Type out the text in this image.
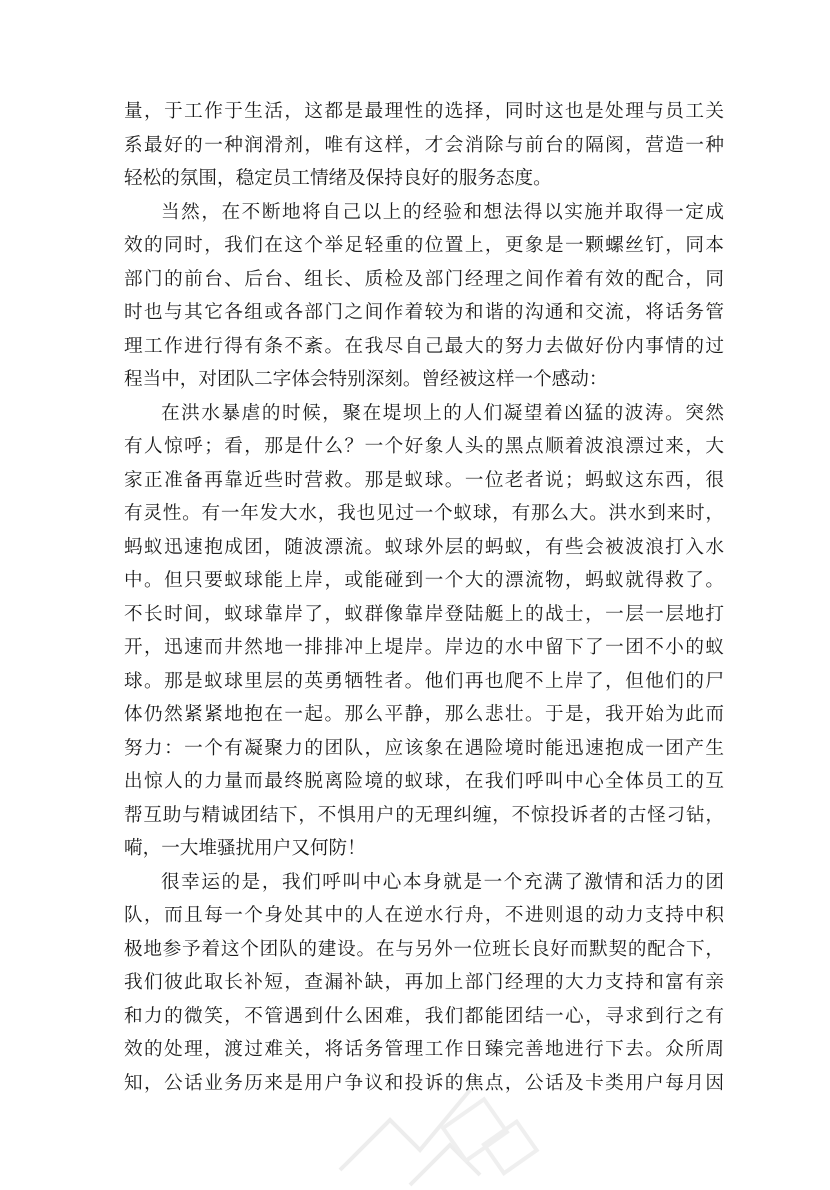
量，于工作于生活，这都是最理性的选择，同时这也是处理与员工关
系最好的一种润滑剂，唯有这样，才会消除与前台的隔阂，营造一种
轻松的氛围，稳定员工情绪及保持良好的服务态度。
当然，在不断地将自己以上的经验和想法得以实施并取得一定成
效的同时，我们在这个举足轻重的位置上，更象是一颗螺丝钉，同本
部门的前台、后台、组长、质检及部门经理之间作着有效的配合，同
时也与其它各组或各部门之间作着较为和谐的沟通和交流，将话务管
理工作进行得有条不紊。在我尽自己最大的努力去做好份内事情的过
程当中，对团队二字体会特别深刻。曾经被这样一个感动：
在洪水暴虐的时候，聚在堤坝上的人们凝望着凶猛的波涛。突然
有人惊呼；看，那是什么？一个好象人头的黑点顺着波浪漂过来，大
家正准备再靠近些时营救。那是蚁球。一位老者说；蚂蚁这东西，很
有灵性。有一年发大水，我也见过一个蚁球，有那么大。洪水到来时，
蚂蚁迅速抱成团，随波漂流。蚁球外层的蚂蚁，有些会被波浪打入水
中。但只要蚁球能上岸，或能碰到一个大的漂流物，蚂蚁就得救了。
不长时间，蚁球靠岸了，蚁群像靠岸登陆艇上的战士，一层一层地打
开，迅速而井然地一排排冲上堤岸。岸边的水中留下了一团不小的蚁
球。那是蚁球里层的英勇牺牲者。他们再也爬不上岸了，但他们的尸
体仍然紧紧地抱在一起。那么平静，那么悲壮。于是，我开始为此而
努力：一个有凝聚力的团队，应该象在遇险境时能迅速抱成一团产生
出惊人的力量而最终脱离险境的蚁球，在我们呼叫中心全体员工的互
帮互助与精诚团结下，不惧用户的无理纠缠，不惊投诉者的古怪刁钻，
嗬，一大堆骚扰用户又何防！
很幸运的是，我们呼叫中心本身就是一个充满了激情和活力的团
队，而且每一个身处其中的人在逆水行舟，不进则退的动力支持中积
极地参予着这个团队的建设。在与另外一位班长良好而默契的配合下，
我们彼此取长补短，查漏补缺，再加上部门经理的大力支持和富有亲
和力的微笑，不管遇到什么困难，我们都能团结一心，寻求到行之有
效的处理，渡过难关，将话务管理工作日臻完善地进行下去。众所周
知，公话业务历来是用户争议和投诉的焦点，公话及卡类用户每月因
